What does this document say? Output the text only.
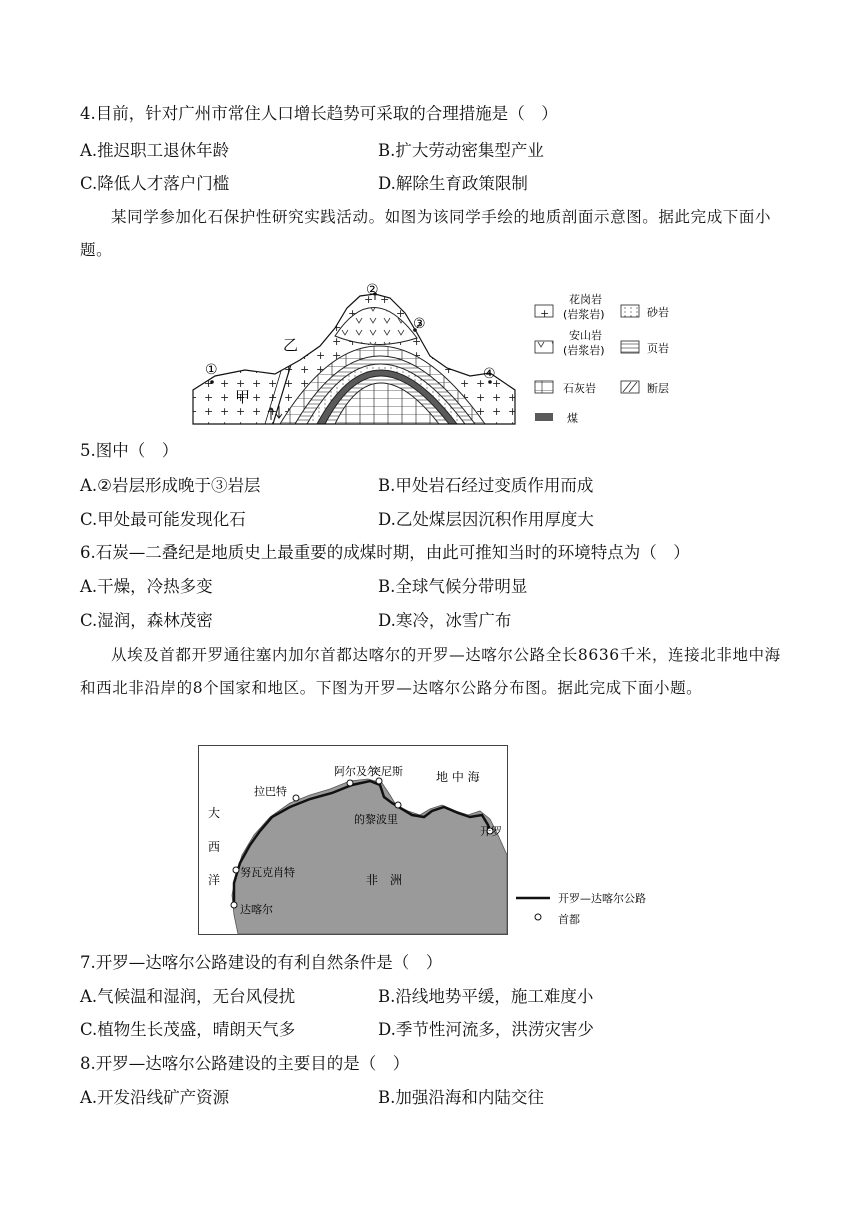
4.目前，针对广州市常住人口增长趋势可采取的合理措施是（　）
A.推迟职工退休年龄	B.扩大劳动密集型产业
C.降低人才落户门槛	D.解除生育政策限制
某同学参加化石保护性研究实践活动。如图为该同学手绘的地质剖面示意图。据此完成下面小题。
①
②
③
④
甲
乙
花岗岩
(岩浆岩)	砂岩
安山岩
(岩浆岩)	页岩
石灰岩	断层
煤
5.图中（　）
A.②岩层形成晚于③岩层	B.甲处岩石经过变质作用而成
C.甲处最可能发现化石	D.乙处煤层因沉积作用厚度大
6.石炭—二叠纪是地质史上最重要的成煤时期，由此可推知当时的环境特点为（　）
A.干燥，冷热多变	B.全球气候分带明显
C.湿润，森林茂密	D.寒冷，冰雪广布
从埃及首都开罗通往塞内加尔首都达喀尔的开罗—达喀尔公路全长8636千米，连接北非地中海和西北非沿岸的8个国家和地区。下图为开罗—达喀尔公路分布图。据此完成下面小题。
阿尔及尔
突尼斯
拉巴特
的黎波里
开罗
努瓦克肖特
达喀尔
地 中 海
大
西
洋	非　洲
开罗—达喀尔公路
首都
7.开罗—达喀尔公路建设的有利自然条件是（　）
A.气候温和湿润，无台风侵扰	B.沿线地势平缓，施工难度小
C.植物生长茂盛，晴朗天气多	D.季节性河流多，洪涝灾害少
8.开罗—达喀尔公路建设的主要目的是（　）
A.开发沿线矿产资源	B.加强沿海和内陆交往
